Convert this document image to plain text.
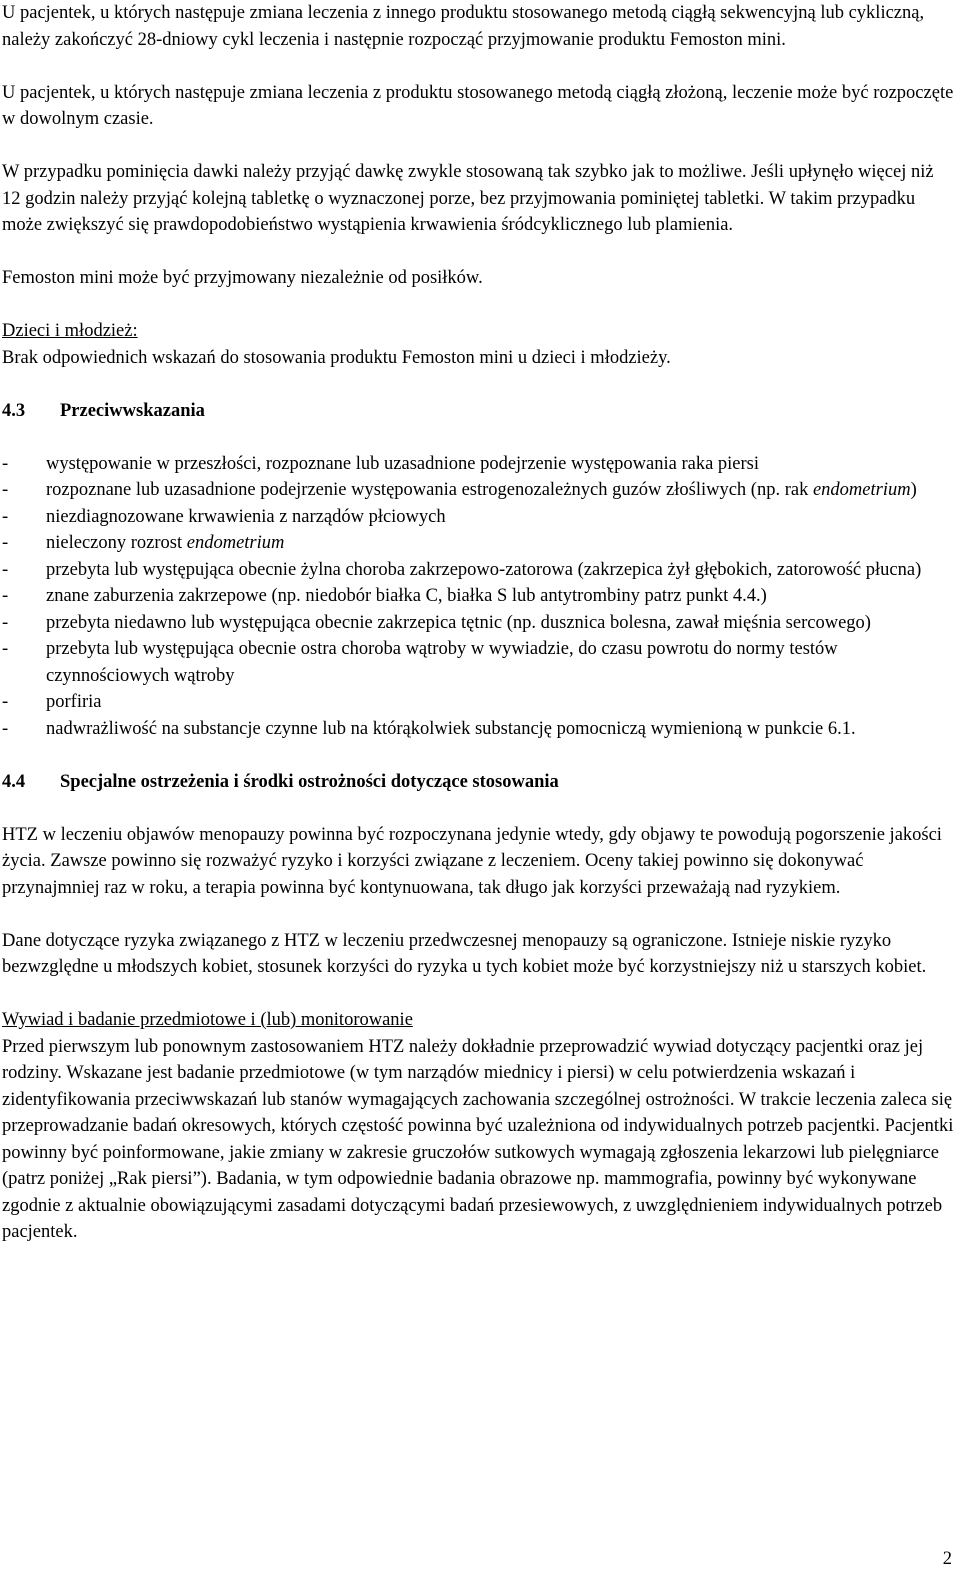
U pacjentek, u których następuje zmiana leczenia z innego produktu stosowanego metodą ciągłą sekwencyjną lub cykliczną, należy zakończyć 28-dniowy cykl leczenia i następnie rozpocząć przyjmowanie produktu Femoston mini.

U pacjentek, u których następuje zmiana leczenia z produktu stosowanego metodą ciągłą złożoną, leczenie może być rozpoczęte w dowolnym czasie.

W przypadku pominięcia dawki należy przyjąć dawkę zwykle stosowaną tak szybko jak to możliwe. Jeśli upłynęło więcej niż 12 godzin należy przyjąć kolejną tabletkę o wyznaczonej porze, bez przyjmowania pominiętej tabletki. W takim przypadku może zwiększyć się prawdopodobieństwo wystąpienia krwawienia śródcyklicznego lub plamienia.

Femoston mini może być przyjmowany niezależnie od posiłków.

Dzieci i młodzież:

Brak odpowiednich wskazań do stosowania produktu Femoston mini u dzieci i młodzieży.

4.3	Przeciwwskazania
-	występowanie w przeszłości, rozpoznane lub uzasadnione podejrzenie występowania raka piersi
-	rozpoznane lub uzasadnione podejrzenie występowania estrogenozależnych guzów złośliwych (np. rak endometrium)
-	niezdiagnozowane krwawienia z narządów płciowych
-	nieleczony rozrost endometrium
-	przebyta lub występująca obecnie żylna choroba zakrzepowo-zatorowa (zakrzepica żył głębokich, zatorowość płucna)
-	znane zaburzenia zakrzepowe (np. niedobór białka C, białka S lub antytrombiny patrz punkt 4.4.)
-	przebyta niedawno lub występująca obecnie zakrzepica tętnic (np. dusznica bolesna, zawał mięśnia sercowego)
-	przebyta lub występująca obecnie ostra choroba wątroby w wywiadzie, do czasu powrotu do normy testów czynnościowych wątroby
-	porfiria
-	nadwrażliwość na substancje czynne lub na którąkolwiek substancję pomocniczą wymienioną w punkcie 6.1.
4.4	Specjalne ostrzeżenia i środki ostrożności dotyczące stosowania

HTZ w leczeniu objawów menopauzy powinna być rozpoczynana jedynie wtedy, gdy objawy te powodują pogorszenie jakości życia. Zawsze powinno się rozważyć ryzyko i korzyści związane z leczeniem. Oceny takiej powinno się dokonywać przynajmniej raz w roku, a terapia powinna być kontynuowana, tak długo jak korzyści przeważają nad ryzykiem.

Dane dotyczące ryzyka związanego z HTZ w leczeniu przedwczesnej menopauzy są ograniczone. Istnieje niskie ryzyko bezwzględne u młodszych kobiet, stosunek korzyści do ryzyka u tych kobiet może być korzystniejszy niż u starszych kobiet.

Wywiad i badanie przedmiotowe i (lub) monitorowanie

Przed pierwszym lub ponownym zastosowaniem HTZ należy dokładnie przeprowadzić wywiad dotyczący pacjentki oraz jej rodziny. Wskazane jest badanie przedmiotowe (w tym narządów miednicy i piersi) w celu potwierdzenia wskazań i zidentyfikowania przeciwwskazań lub stanów wymagających zachowania szczególnej ostrożności. W trakcie leczenia zaleca się przeprowadzanie badań okresowych, których częstość powinna być uzależniona od indywidualnych potrzeb pacjentki. Pacjentki powinny być poinformowane, jakie zmiany w zakresie gruczołów sutkowych wymagają zgłoszenia lekarzowi lub pielęgniarce (patrz poniżej „Rak piersi”). Badania, w tym odpowiednie badania obrazowe np. mammografia, powinny być wykonywane zgodnie z aktualnie obowiązującymi zasadami dotyczącymi badań przesiewowych, z uwzględnieniem indywidualnych potrzeb pacjentek.

2
